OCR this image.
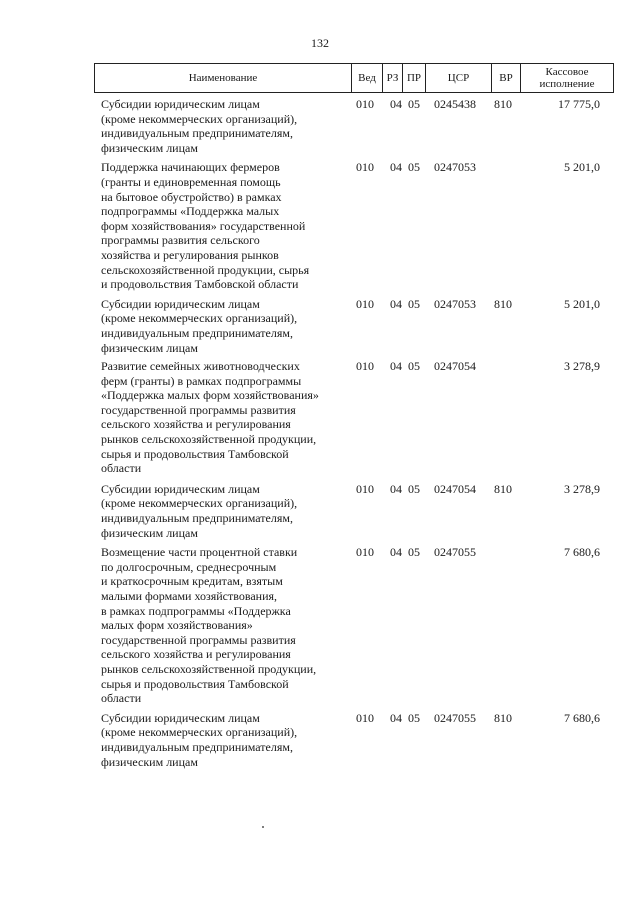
132
Наименование	Вед РЗ ПР	ЦСР	ВР	Кассовое
исполнение
Субсидии юридическим лицам
(кроме некоммерческих организаций),
индивидуальным предпринимателям,
физическим лицам
010 04 05 0245438 810	17 775,0
Поддержка начинающих фермеров
(гранты и единовременная помощь
на бытовое обустройство) в рамках
подпрограммы «Поддержка малых
форм хозяйствования» государственной
программы развития сельского
хозяйства и регулирования рынков
сельскохозяйственной продукции, сырья
и продовольствия Тамбовской области
010 04 05 0247053	5 201,0
Субсидии юридическим лицам
(кроме некоммерческих организаций),
индивидуальным предпринимателям,
физическим лицам
010 04 05 0247053 810	5 201,0
Развитие семейных животноводческих
ферм (гранты) в рамках подпрограммы
«Поддержка малых форм хозяйствования»
государственной программы развития
сельского хозяйства и регулирования
рынков сельскохозяйственной продукции,
сырья и продовольствия Тамбовской
области
010 04 05 0247054	3 278,9
Субсидии юридическим лицам
(кроме некоммерческих организаций),
индивидуальным предпринимателям,
физическим лицам
010 04 05 0247054 810	3 278,9
Возмещение части процентной ставки
по долгосрочным, среднесрочным
и краткосрочным кредитам, взятым
малыми формами хозяйствования,
в рамках подпрограммы «Поддержка
малых форм хозяйствования»
государственной программы развития
сельского хозяйства и регулирования
рынков сельскохозяйственной продукции,
сырья и продовольствия Тамбовской
области
010 04 05 0247055	7 680,6
Субсидии юридическим лицам
(кроме некоммерческих организаций),
индивидуальным предпринимателям,
физическим лицам
010 04 05 0247055 810	7 680,6
